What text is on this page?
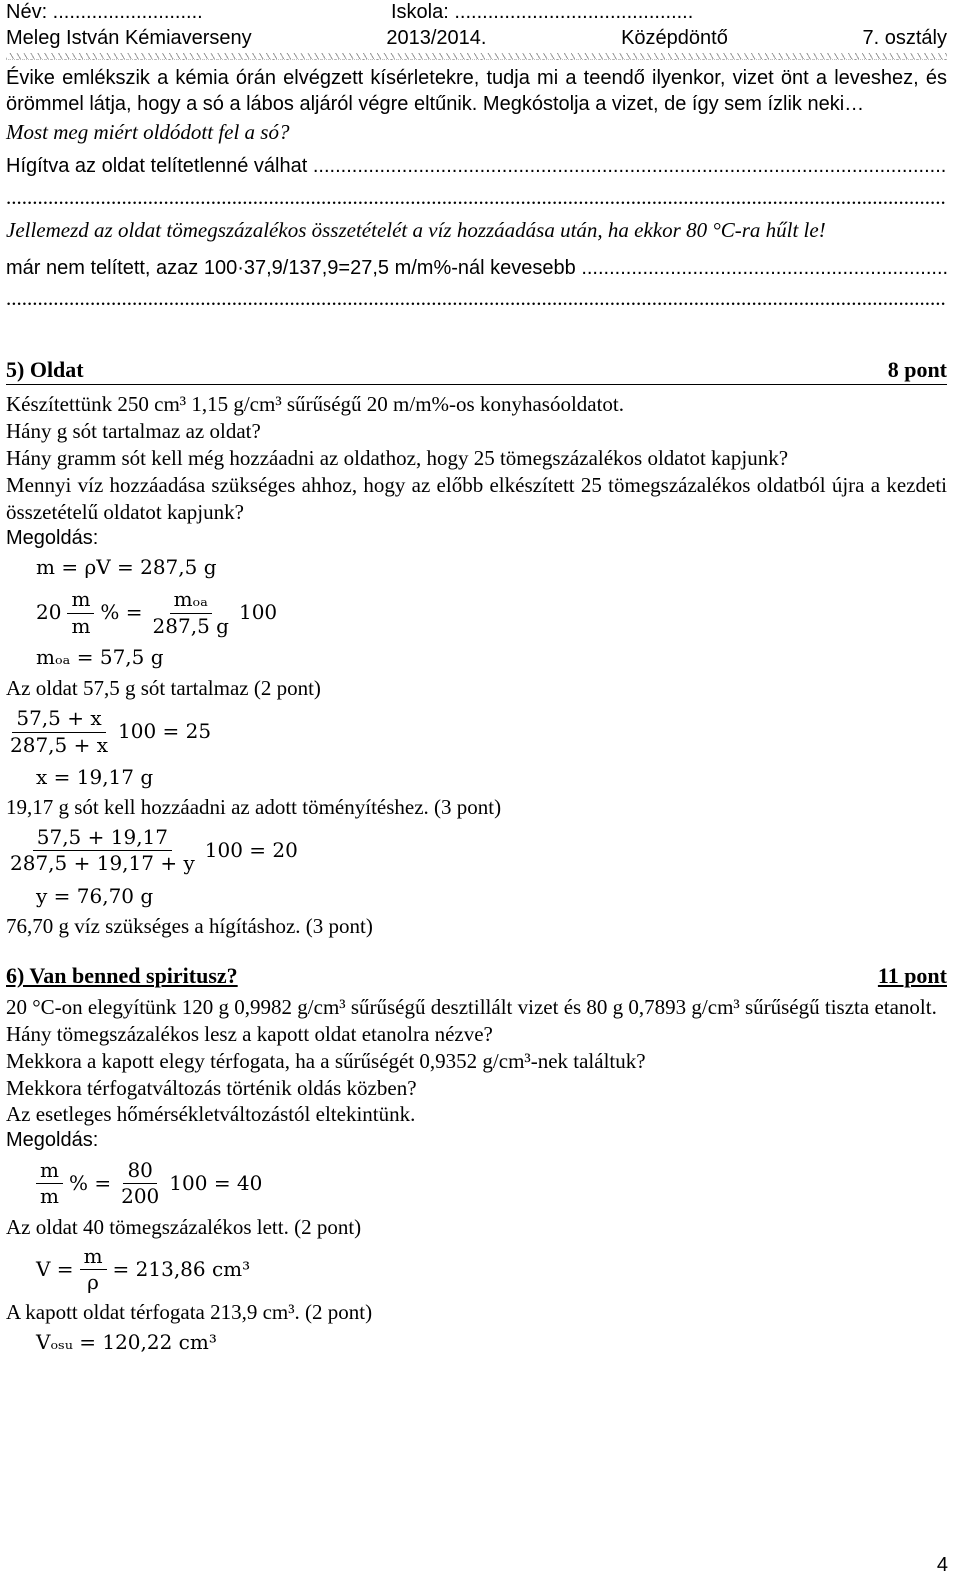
Név: ...........................	Iskola: ...........................................
Meleg István Kémiaverseny	2013/2014.	Középdöntő	7. osztály

Évike emlékszik a kémia órán elvégzett kísérletekre, tudja mi a teendő ilyenkor, vizet önt a leveshez, és örömmel látja, hogy a só a lábos aljáról végre eltűnik. Megkóstolja a vizet, de így sem ízlik neki…

Most meg miért oldódott fel a só?

Hígítva az oldat telítetlenné válhat .....

.....

Jellemezd az oldat tömegszázalékos összetételét a víz hozzáadása után, ha ekkor 80 °C-ra hűlt le!

már nem telített, azaz 100·37,9/137,9=27,5 m/m%-nál kevesebb .....

.....

5) Oldat	8 pont

Készítettünk 250 cm³ 1,15 g/cm³ sűrűségű 20 m/m%-os konyhasóoldatot.

Hány g sót tartalmaz az oldat?

Hány gramm sót kell még hozzáadni az oldathoz, hogy 25 tömegszázalékos oldatot kapjunk?

Mennyi víz hozzáadása szükséges ahhoz, hogy az előbb elkészített 25 tömegszázalékos oldatból újra a kezdeti összetételű oldatot kapjunk?

Megoldás:

m = ρV = 287,5 g
$20 \frac{m}{m}$ % = $\frac{\text{mₒₐ}}{287,5 g} 100$
mₒₐ = 57,5 g

Az oldat 57,5 g sót tartalmaz (2 pont)

$\frac{57,5 + x}{287,5 + x} 100 = 25$
x = 19,17 g

19,17 g sót kell hozzáadni az adott töményítéshez. (3 pont)

$\frac{57,5 + 19,17}{287,5 + 19,17 + y} 100 = 20$
y = 76,70 g

76,70 g víz szükséges a hígításhoz. (3 pont)

6) Van benned spiritusz?	11 pont

20 °C-on elegyítünk 120 g 0,9982 g/cm³ sűrűségű desztillált vizet és 80 g 0,7893 g/cm³ sűrűségű tiszta etanolt.

Hány tömegszázalékos lesz a kapott oldat etanolra nézve?

Mekkora a kapott elegy térfogata, ha a sűrűségét 0,9352 g/cm³-nek találtuk?

Mekkora térfogatváltozás történik oldás közben?

Az esetleges hőmérsékletváltozástól eltekintünk.

Megoldás:

$\frac{m}{m}$ % = $\frac{80}{200} 100 = 40$

Az oldat 40 tömegszázalékos lett. (2 pont)

$V = \frac{m}{\rho} = 213,86$ cm³

A kapott oldat térfogata 213,9 cm³. (2 pont)

Vₒₛᵤ = 120,22 cm³
4
